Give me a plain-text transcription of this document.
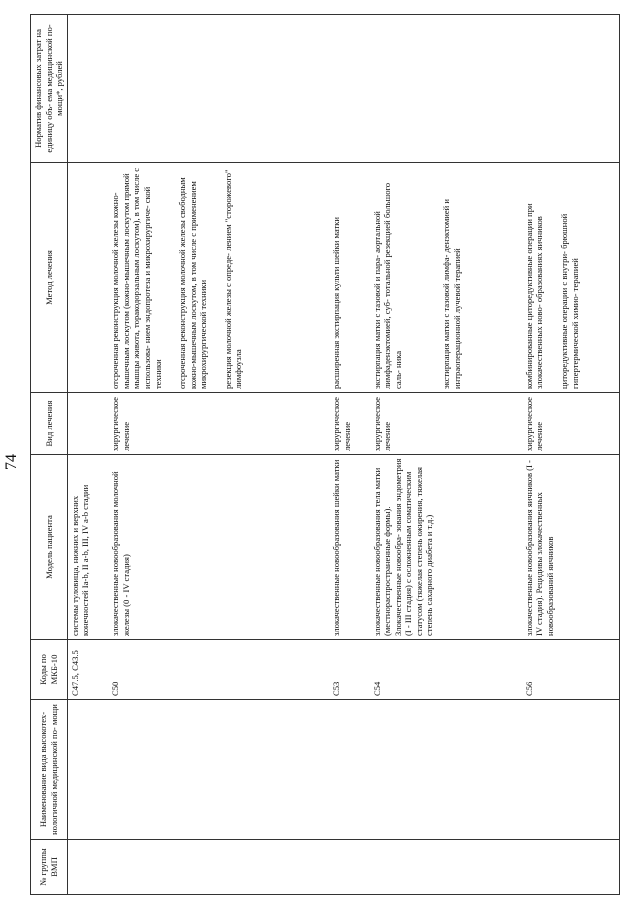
74
№ группы ВМП	Наименование вида высокотех- нологичной медицинской по- мощи	Коды по МКБ-10	Модель пациента	Вид лечения	Метод лечения	Норматив финансовых затрат на единицу объ- ема медицинской по- мощи*, рублей
		C47.5, C43.5	системы туловища, нижних и верхних конечностей Ia-b, II a-b, III, IV a-b стадии			
		C50	злокачественные новообразования молочной железы (0 - IV стадия)	хирургическое лечение	отсроченная реконструкция молочной железы кожно-мышечным лоскутом (кожно-мышечным лоскутом прямой мышцы живота, торакодорзальным лоскутом), в том числе с использова- нием эндопротеза и микрохирургиче- ской техники отсроченная реконструкция молочной железы свободным кожно-мышечным лоскутом, в том числе с применением микрохирургической техники резекция молочной железы с опреде- лением "сторожевого" лимфоузла	

		C53	злокачественные новообразования шейки матки	хирургическое лечение	расширенная экстирпация культи шейки матки	

		C54	злокачественные новообразования тела матки (местнораспространенные формы). Злокачественные новообра- зования эндометрия (I - III стадия) с осложненным соматическим статусом (тяжелая степень ожирения, тяжелая степень сахарного диабета и т.д.)	хирургическое лечение	экстирпация матки с тазовой и пара- аортальной лимфаденэктомией, суб- тотальной резекцией большого саль- ника экстирпация матки с тазовой лимфа- денэктомией и интраоперационной лучевой терапией	

		C56	злокачественные новообразования яичников (I - IV стадия). Рецидивы злокачественных новообразований яичников	хирургическое лечение	комбинированные циторедуктивные операции при злокачественных ново- образованиях яичников циторедуктивные операции с внутри- брюшной гипертермической химио- терапией	
